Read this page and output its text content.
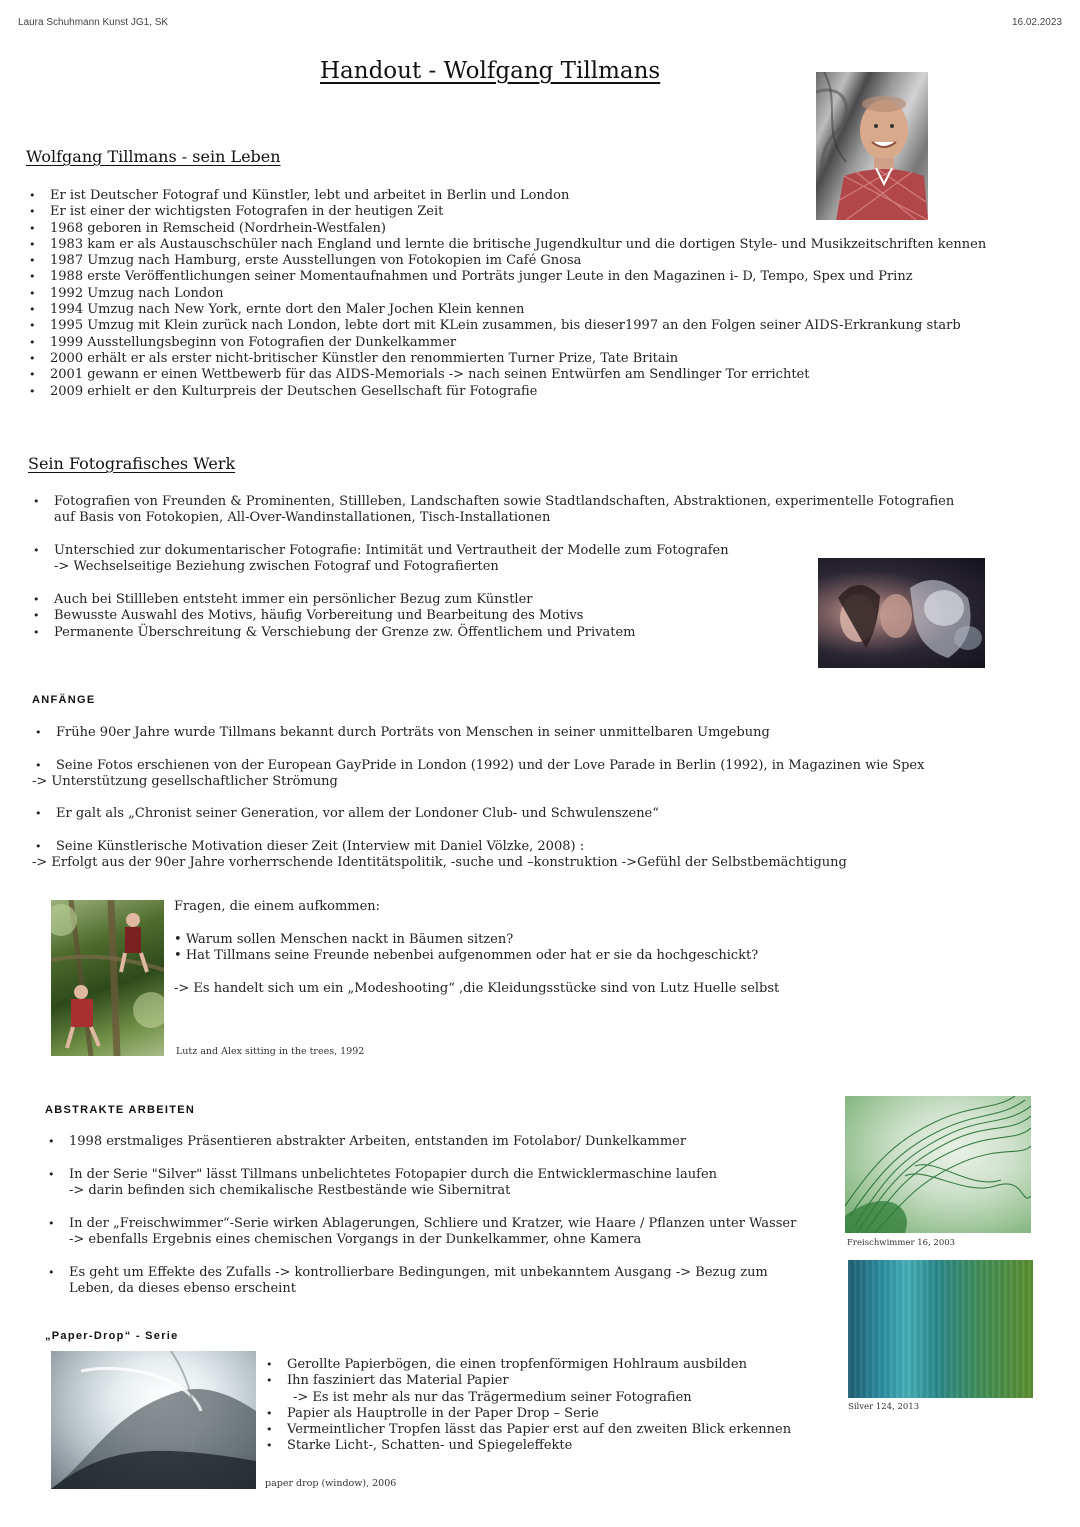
Laura Schuhmann Kunst JG1, SK	16.02.2023
Handout - Wolfgang Tillmans
Wolfgang Tillmans - sein Leben
• Er ist Deutscher Fotograf und Künstler, lebt und arbeitet in Berlin und London
• Er ist einer der wichtigsten Fotografen in der heutigen Zeit
• 1968 geboren in Remscheid (Nordrhein-Westfalen)
• 1983 kam er als Austauschschüler nach England und lernte die britische Jugendkultur und die dortigen Style- und Musikzeitschriften kennen
• 1987 Umzug nach Hamburg, erste Ausstellungen von Fotokopien im Café Gnosa
• 1988 erste Veröffentlichungen seiner Momentaufnahmen und Porträts junger Leute in den Magazinen i- D, Tempo, Spex und Prinz
• 1992 Umzug nach London
• 1994 Umzug nach New York, ernte dort den Maler Jochen Klein kennen
• 1995 Umzug mit Klein zurück nach London, lebte dort mit KLein zusammen, bis dieser1997 an den Folgen seiner AIDS-Erkrankung starb
• 1999 Ausstellungsbeginn von Fotografien der Dunkelkammer
• 2000 erhält er als erster nicht-britischer Künstler den renommierten Turner Prize, Tate Britain
• 2001 gewann er einen Wettbewerb für das AIDS-Memorials -> nach seinen Entwürfen am Sendlinger Tor errichtet
• 2009 erhielt er den Kulturpreis der Deutschen Gesellschaft für Fotografie
Sein Fotografisches Werk
• Fotografien von Freunden & Prominenten, Stillleben, Landschaften sowie Stadtlandschaften, Abstraktionen, experimentelle Fotografien
auf Basis von Fotokopien, All-Over-Wandinstallationen, Tisch-Installationen
• Unterschied zur dokumentarischer Fotografie: Intimität und Vertrautheit der Modelle zum Fotografen
-> Wechselseitige Beziehung zwischen Fotograf und Fotografierten
• Auch bei Stillleben entsteht immer ein persönlicher Bezug zum Künstler
• Bewusste Auswahl des Motivs, häufig Vorbereitung und Bearbeitung des Motivs
• Permanente Überschreitung & Verschiebung der Grenze zw. Öffentlichem und Privatem
ANFÄNGE
• Frühe 90er Jahre wurde Tillmans bekannt durch Porträts von Menschen in seiner unmittelbaren Umgebung
• Seine Fotos erschienen von der European GayPride in London (1992) und der Love Parade in Berlin (1992), in Magazinen wie Spex
-> Unterstützung gesellschaftlicher Strömung
• Er galt als „Chronist seiner Generation, vor allem der Londoner Club- und Schwulenszene“
• Seine Künstlerische Motivation dieser Zeit (Interview mit Daniel Völzke, 2008) :
-> Erfolgt aus der 90er Jahre vorherrschende Identitätspolitik, -suche und –konstruktion ->Gefühl der Selbstbemächtigung
Fragen, die einem aufkommen:
• Warum sollen Menschen nackt in Bäumen sitzen?
• Hat Tillmans seine Freunde nebenbei aufgenommen oder hat er sie da hochgeschickt?
-> Es handelt sich um ein „Modeshooting“ ,die Kleidungsstücke sind von Lutz Huelle selbst
Lutz and Alex sitting in the trees, 1992
ABSTRAKTE ARBEITEN
• 1998 erstmaliges Präsentieren abstrakter Arbeiten, entstanden im Fotolabor/ Dunkelkammer
• In der Serie "Silver" lässt Tillmans unbelichtetes Fotopapier durch die Entwicklermaschine laufen
-> darin befinden sich chemikalische Restbestände wie Sibernitrat
• In der „Freischwimmer“-Serie wirken Ablagerungen, Schliere und Kratzer, wie Haare / Pflanzen unter Wasser
-> ebenfalls Ergebnis eines chemischen Vorgangs in der Dunkelkammer, ohne Kamera
• Es geht um Effekte des Zufalls -> kontrollierbare Bedingungen, mit unbekanntem Ausgang -> Bezug zum
Leben, da dieses ebenso erscheint
Freischwimmer 16, 2003
Silver 124, 2013
„Paper-Drop“ - Serie
• Gerollte Papierbögen, die einen tropfenförmigen Hohlraum ausbilden
• Ihn fasziniert das Material Papier
-> Es ist mehr als nur das Trägermedium seiner Fotografien
• Papier als Hauptrolle in der Paper Drop – Serie
• Vermeintlicher Tropfen lässt das Papier erst auf den zweiten Blick erkennen
• Starke Licht-, Schatten- und Spiegeleffekte
paper drop (window), 2006
